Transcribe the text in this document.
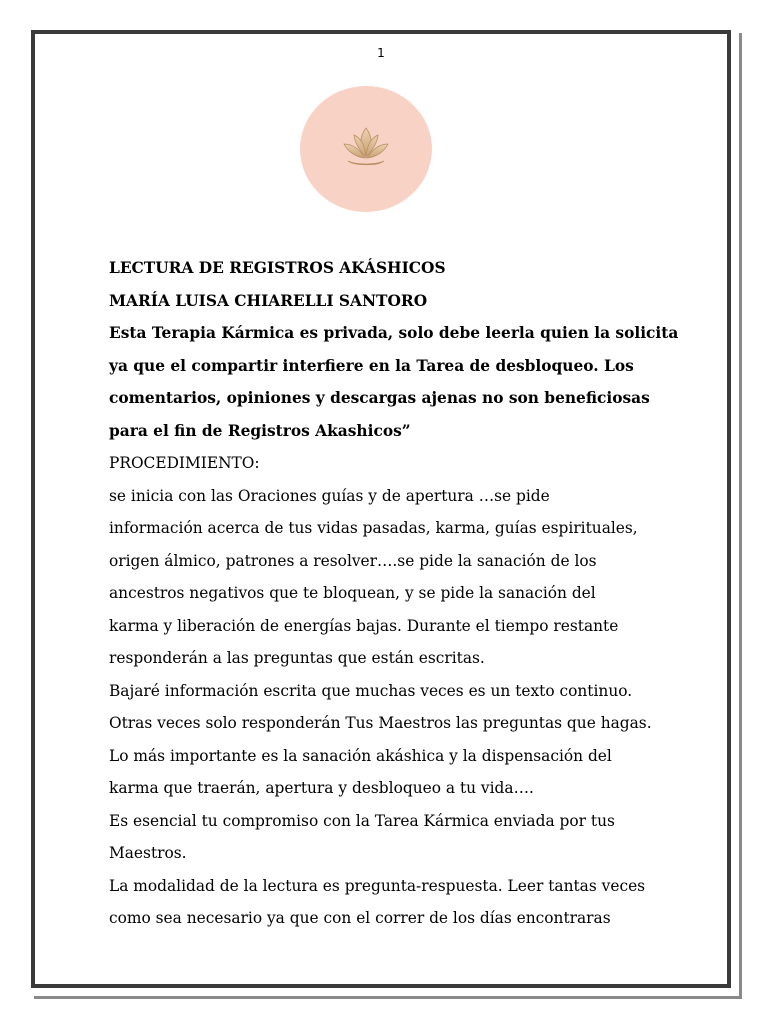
1
LECTURA DE REGISTROS AKÁSHICOS
MARÍA LUISA CHIARELLI SANTORO
Esta Terapia Kármica es privada, solo debe leerla quien la solicita
ya que el compartir interfiere en la Tarea de desbloqueo. Los
comentarios, opiniones y descargas ajenas no son beneficiosas
para el fin de Registros Akashicos”
PROCEDIMIENTO:
se inicia con las Oraciones guías y de apertura …se pide
información acerca de tus vidas pasadas, karma, guías espirituales,
origen álmico, patrones a resolver….se pide la sanación de los
ancestros negativos que te bloquean, y se pide la sanación del
karma y liberación de energías bajas. Durante el tiempo restante
responderán a las preguntas que están escritas.
Bajaré información escrita que muchas veces es un texto continuo.
Otras veces solo responderán Tus Maestros las preguntas que hagas.
Lo más importante es la sanación akáshica y la dispensación del
karma que traerán, apertura y desbloqueo a tu vida….
Es esencial tu compromiso con la Tarea Kármica enviada por tus
Maestros.
La modalidad de la lectura es pregunta-respuesta. Leer tantas veces
como sea necesario ya que con el correr de los días encontraras
